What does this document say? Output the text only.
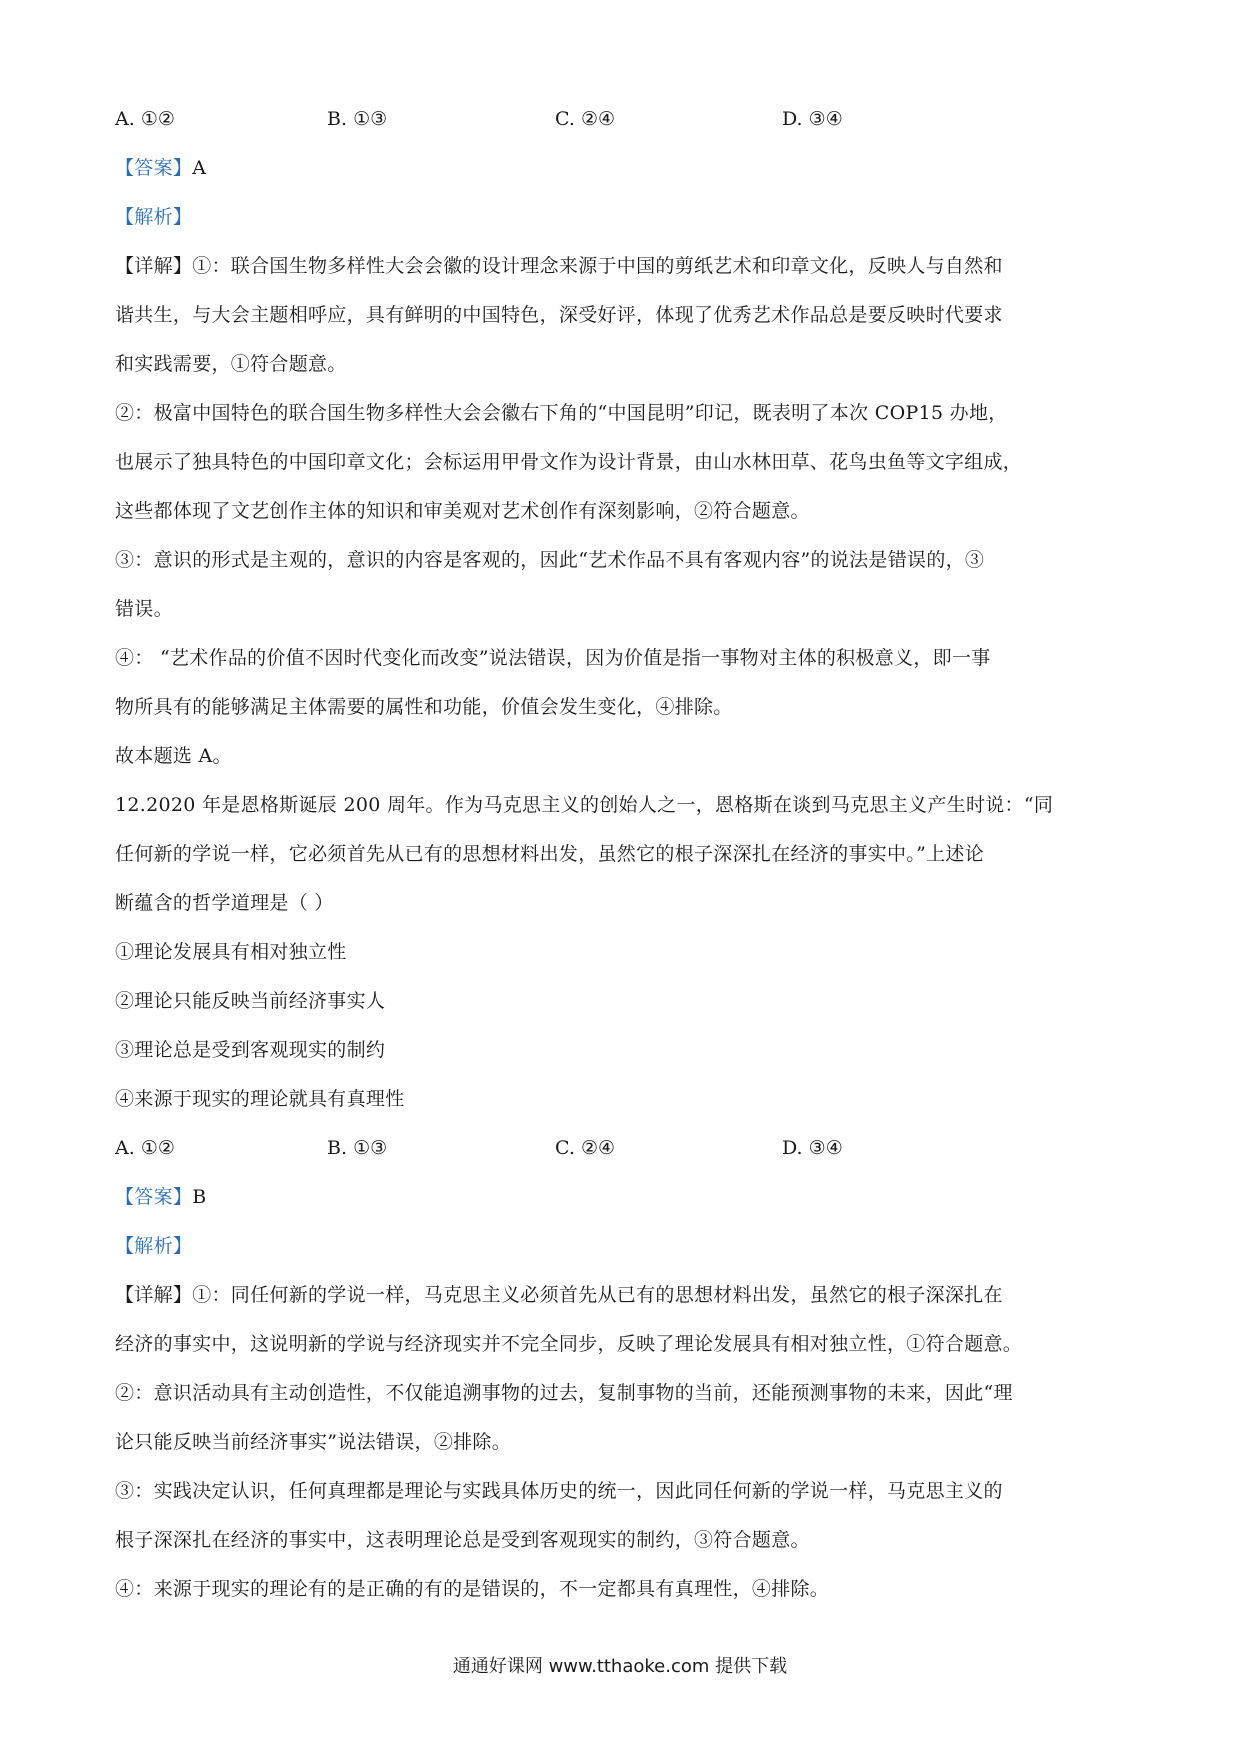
A. ①②	B. ①③	C. ②④	D. ③④
【答案】A
【解析】
【详解】①：联合国生物多样性大会会徽的设计理念来源于中国的剪纸艺术和印章文化，反映人与自然和
谐共生，与大会主题相呼应，具有鲜明的中国特色，深受好评，体现了优秀艺术作品总是要反映时代要求
和实践需要，①符合题意。
②：极富中国特色的联合国生物多样性大会会徽右下角的“中国昆明”印记，既表明了本次 COP15 办地，
也展示了独具特色的中国印章文化；会标运用甲骨文作为设计背景，由山水林田草、花鸟虫鱼等文字组成，
这些都体现了文艺创作主体的知识和审美观对艺术创作有深刻影响，②符合题意。
③：意识的形式是主观的，意识的内容是客观的，因此“艺术作品不具有客观内容”的说法是错误的，③
错误。
④： “艺术作品的价值不因时代变化而改变”说法错误，因为价值是指一事物对主体的积极意义，即一事
物所具有的能够满足主体需要的属性和功能，价值会发生变化，④排除。
故本题选 A。
12.2020 年是恩格斯诞辰 200 周年。作为马克思主义的创始人之一，恩格斯在谈到马克思主义产生时说：“同
任何新的学说一样，它必须首先从已有的思想材料出发，虽然它的根子深深扎在经济的事实中。”上述论
断蕴含的哲学道理是（ ）
①理论发展具有相对独立性
②理论只能反映当前经济事实人
③理论总是受到客观现实的制约
④来源于现实的理论就具有真理性
A. ①②	B. ①③	C. ②④	D. ③④
【答案】B
【解析】
【详解】①：同任何新的学说一样，马克思主义必须首先从已有的思想材料出发，虽然它的根子深深扎在
经济的事实中，这说明新的学说与经济现实并不完全同步，反映了理论发展具有相对独立性，①符合题意。
②：意识活动具有主动创造性，不仅能追溯事物的过去，复制事物的当前，还能预测事物的未来，因此“理
论只能反映当前经济事实”说法错误，②排除。
③：实践决定认识，任何真理都是理论与实践具体历史的统一，因此同任何新的学说一样，马克思主义的
根子深深扎在经济的事实中，这表明理论总是受到客观现实的制约，③符合题意。
④：来源于现实的理论有的是正确的有的是错误的，不一定都具有真理性，④排除。
通通好课网 www.tthaoke.com 提供下载
